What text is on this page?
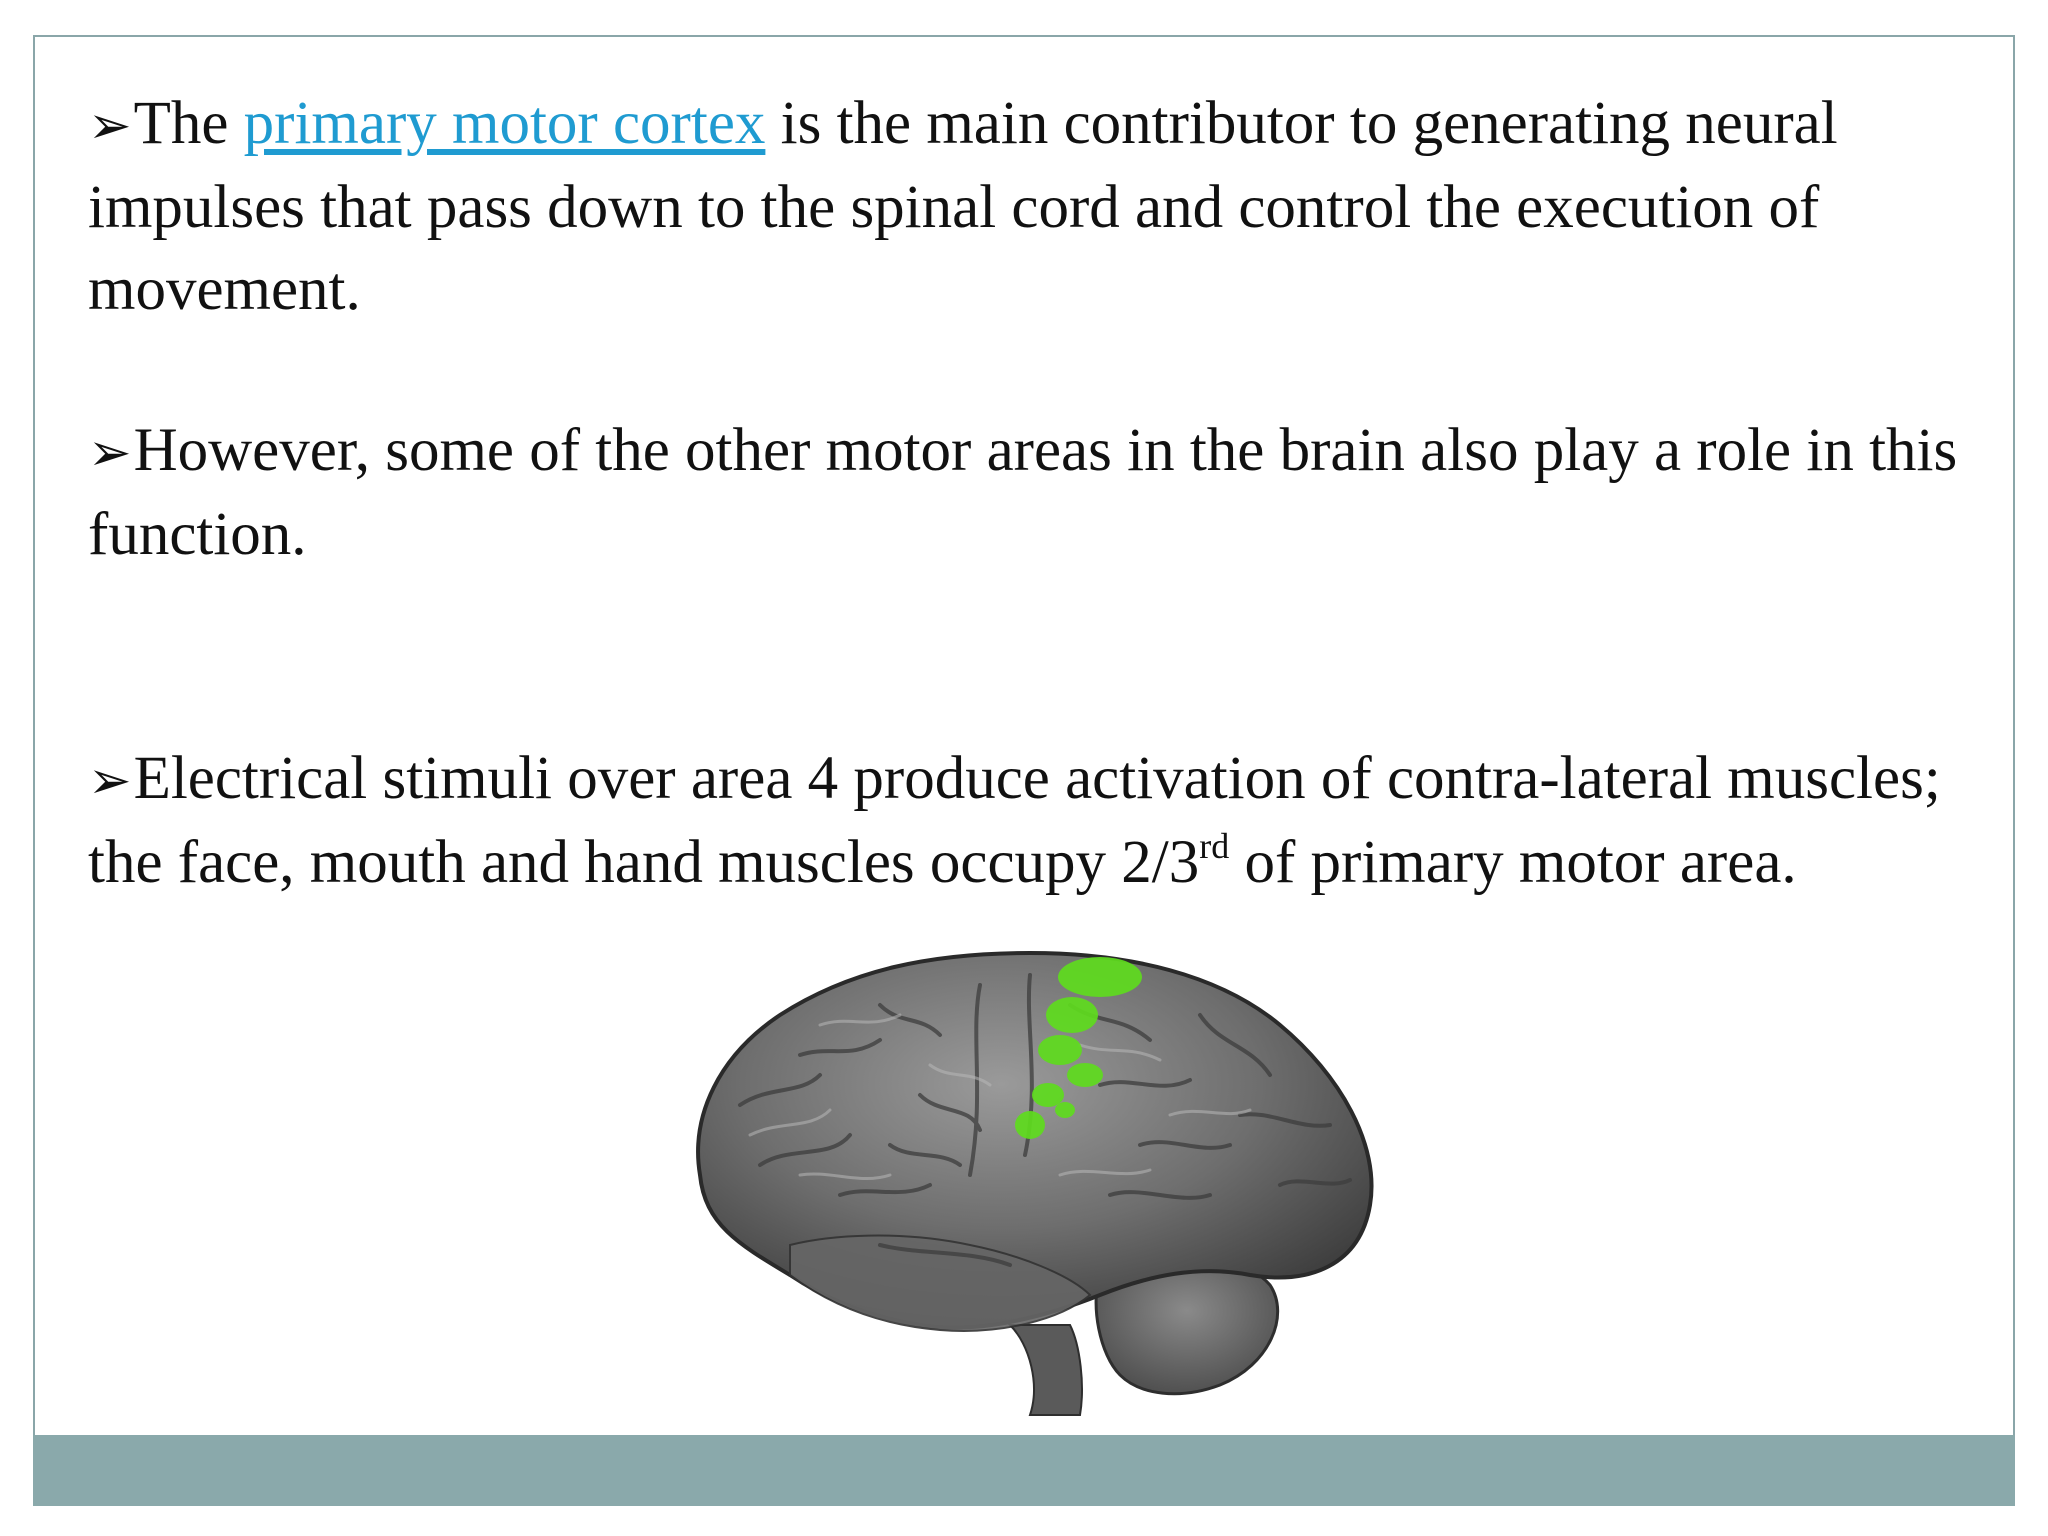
➢The primary motor cortex is the main contributor to generating neural impulses that pass down to the spinal cord and control the execution of movement.

➢However, some of the other motor areas in the brain also play a role in this function.

➢Electrical stimuli over area 4 produce activation of contra-lateral muscles; the face, mouth and hand muscles occupy 2/3rd of primary motor area.
